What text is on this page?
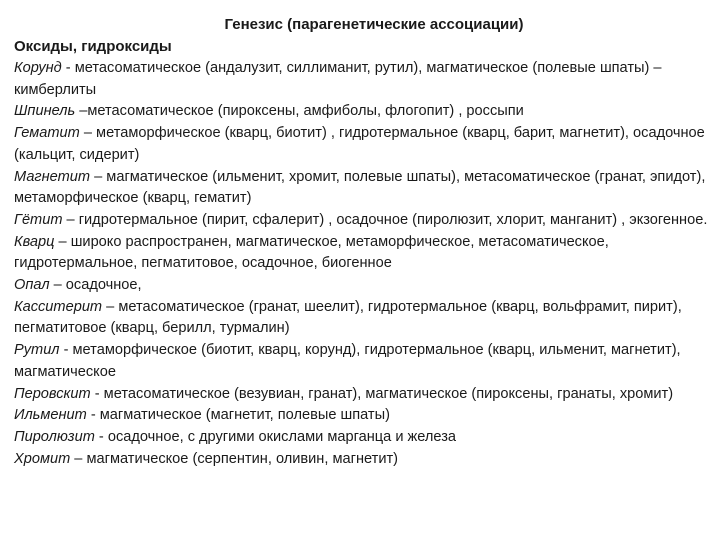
Генезис (парагенетические ассоциации)

Оксиды, гидроксиды

Корунд - метасоматическое (андалузит, силлиманит, рутил), магматическое (полевые шпаты) – кимберлиты

Шпинель –метасоматическое (пироксены, амфиболы, флогопит) , россыпи

Гематит – метаморфическое (кварц, биотит) , гидротермальное (кварц, барит, магнетит), осадочное (кальцит, сидерит)

Магнетит – магматическое (ильменит, хромит, полевые шпаты), метасоматическое (гранат, эпидот), метаморфическое (кварц, гематит)

Гётит – гидротермальное (пирит, сфалерит) , осадочное (пиролюзит, хлорит, манганит) , экзогенное.

Кварц – широко распространен, магматическое, метаморфическое, метасоматическое, гидротермальное, пегматитовое, осадочное, биогенное

Опал – осадочное,

Касситерит – метасоматическое (гранат, шеелит), гидротермальное (кварц, вольфрамит, пирит), пегматитовое (кварц, берилл, турмалин)

Рутил - метаморфическое (биотит, кварц, корунд), гидротермальное (кварц, ильменит, магнетит), магматическое

Перовскит - метасоматическое (везувиан, гранат), магматическое (пироксены, гранаты, хромит)

Ильменит - магматическое (магнетит, полевые шпаты)

Пиролюзит - осадочное, с другими окислами марганца и железа

Хромит – магматическое (серпентин, оливин, магнетит)
